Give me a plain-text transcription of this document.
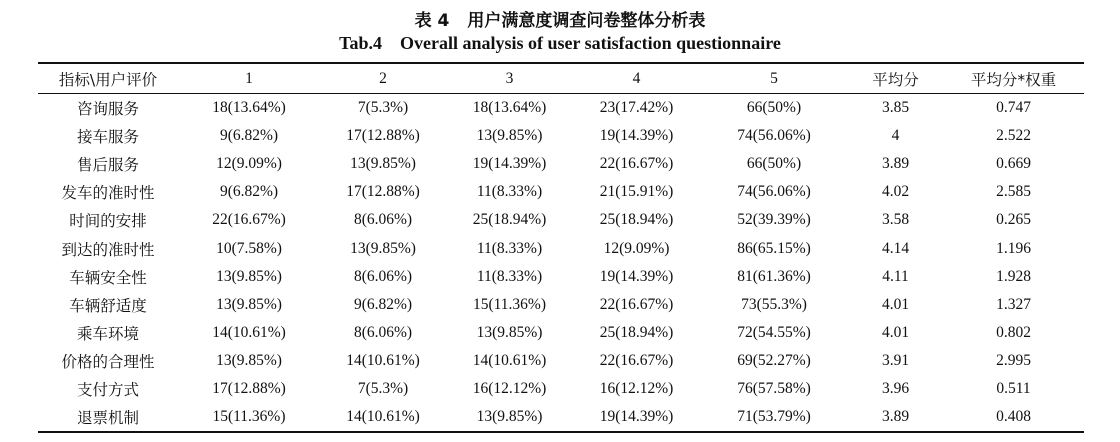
表 4 用户满意度调查问卷整体分析表
Tab.4 Overall analysis of user satisfaction questionnaire
指标\用户评价	1	2	3	4	5	平均分	平均分*权重
咨询服务	18(13.64%)	7(5.3%)	18(13.64%)	23(17.42%)	66(50%)	3.85	0.747
接车服务	9(6.82%)	17(12.88%)	13(9.85%)	19(14.39%)	74(56.06%)	4	2.522
售后服务	12(9.09%)	13(9.85%)	19(14.39%)	22(16.67%)	66(50%)	3.89	0.669
发车的准时性	9(6.82%)	17(12.88%)	11(8.33%)	21(15.91%)	74(56.06%)	4.02	2.585
时间的安排	22(16.67%)	8(6.06%)	25(18.94%)	25(18.94%)	52(39.39%)	3.58	0.265
到达的准时性	10(7.58%)	13(9.85%)	11(8.33%)	12(9.09%)	86(65.15%)	4.14	1.196
车辆安全性	13(9.85%)	8(6.06%)	11(8.33%)	19(14.39%)	81(61.36%)	4.11	1.928
车辆舒适度	13(9.85%)	9(6.82%)	15(11.36%)	22(16.67%)	73(55.3%)	4.01	1.327
乘车环境	14(10.61%)	8(6.06%)	13(9.85%)	25(18.94%)	72(54.55%)	4.01	0.802
价格的合理性	13(9.85%)	14(10.61%)	14(10.61%)	22(16.67%)	69(52.27%)	3.91	2.995
支付方式	17(12.88%)	7(5.3%)	16(12.12%)	16(12.12%)	76(57.58%)	3.96	0.511
退票机制	15(11.36%)	14(10.61%)	13(9.85%)	19(14.39%)	71(53.79%)	3.89	0.408
